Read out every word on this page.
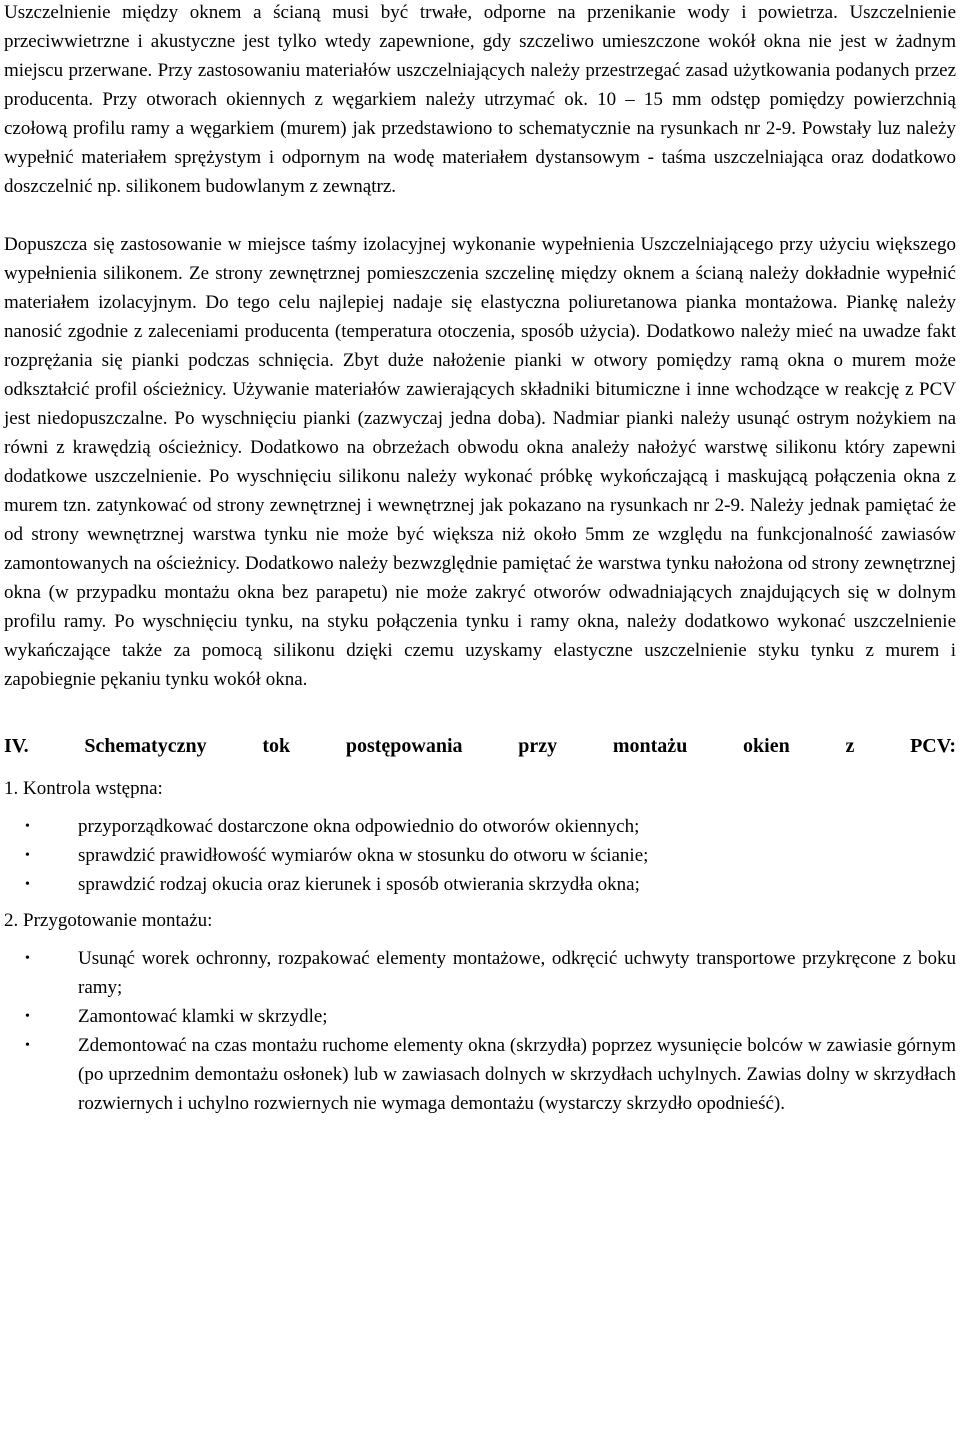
Uszczelnienie między oknem a ścianą musi być trwałe, odporne na przenikanie wody i powietrza. Uszczelnienie przeciwwietrzne i akustyczne jest tylko wtedy zapewnione, gdy szczeliwo umieszczone wokół okna nie jest w żadnym miejscu przerwane. Przy zastosowaniu materiałów uszczelniających należy przestrzegać zasad użytkowania podanych przez producenta. Przy otworach okiennych z węgarkiem należy utrzymać ok. 10 – 15 mm odstęp pomiędzy powierzchnią czołową profilu ramy a węgarkiem (murem) jak przedstawiono to schematycznie na rysunkach nr 2-9. Powstały luz należy wypełnić materiałem sprężystym i odpornym na wodę materiałem dystansowym - taśma uszczelniająca oraz dodatkowo doszczelnić np. silikonem budowlanym z zewnątrz.

Dopuszcza się zastosowanie w miejsce taśmy izolacyjnej wykonanie wypełnienia Uszczelniającego przy użyciu większego wypełnienia silikonem. Ze strony zewnętrznej pomieszczenia szczelinę między oknem a ścianą należy dokładnie wypełnić materiałem izolacyjnym. Do tego celu najlepiej nadaje się elastyczna poliuretanowa pianka montażowa. Piankę należy nanosić zgodnie z zaleceniami producenta (temperatura otoczenia, sposób użycia). Dodatkowo należy mieć na uwadze fakt rozprężania się pianki podczas schnięcia. Zbyt duże nałożenie pianki w otwory pomiędzy ramą okna o murem może odkształcić profil ościeżnicy. Używanie materiałów zawierających składniki bitumiczne i inne wchodzące w reakcję z PCV jest niedopuszczalne. Po wyschnięciu pianki (zazwyczaj jedna doba). Nadmiar pianki należy usunąć ostrym nożykiem na równi z krawędzią ościeżnicy. Dodatkowo na obrzeżach obwodu okna anależy nałożyć warstwę silikonu który zapewni dodatkowe uszczelnienie. Po wyschnięciu silikonu należy wykonać próbkę wykończającą i maskującą połączenia okna z murem tzn. zatynkować od strony zewnętrznej i wewnętrznej jak pokazano na rysunkach nr 2-9. Należy jednak pamiętać że od strony wewnętrznej warstwa tynku nie może być większa niż około 5mm ze względu na funkcjonalność zawiasów zamontowanych na ościeżnicy. Dodatkowo należy bezwzględnie pamiętać że warstwa tynku nałożona od strony zewnętrznej okna (w przypadku montażu okna bez parapetu) nie może zakryć otworów odwadniających znajdujących się w dolnym profilu ramy. Po wyschnięciu tynku, na styku połączenia tynku i ramy okna, należy dodatkowo wykonać uszczelnienie wykańczające także za pomocą silikonu dzięki czemu uzyskamy elastyczne uszczelnienie styku tynku z murem i zapobiegnie pękaniu tynku wokół okna.

IV. Schematyczny tok postępowania przy montażu okien z PCV:
1. Kontrola wstępna:
• przyporządkować dostarczone okna odpowiednio do otworów okiennych;
• sprawdzić prawidłowość wymiarów okna w stosunku do otworu w ścianie;
• sprawdzić rodzaj okucia oraz kierunek i sposób otwierania skrzydła okna;
2. Przygotowanie montażu:
• Usunąć worek ochronny, rozpakować elementy montażowe, odkręcić uchwyty transportowe przykręcone z boku ramy;
• Zamontować klamki w skrzydle;
• Zdemontować na czas montażu ruchome elementy okna (skrzydła) poprzez wysunięcie bolców w zawiasie górnym (po uprzednim demontażu osłonek) lub w zawiasach dolnych w skrzydłach uchylnych. Zawias dolny w skrzydłach rozwiernych i uchylno rozwiernych nie wymaga demontażu (wystarczy skrzydło opodnieść).
